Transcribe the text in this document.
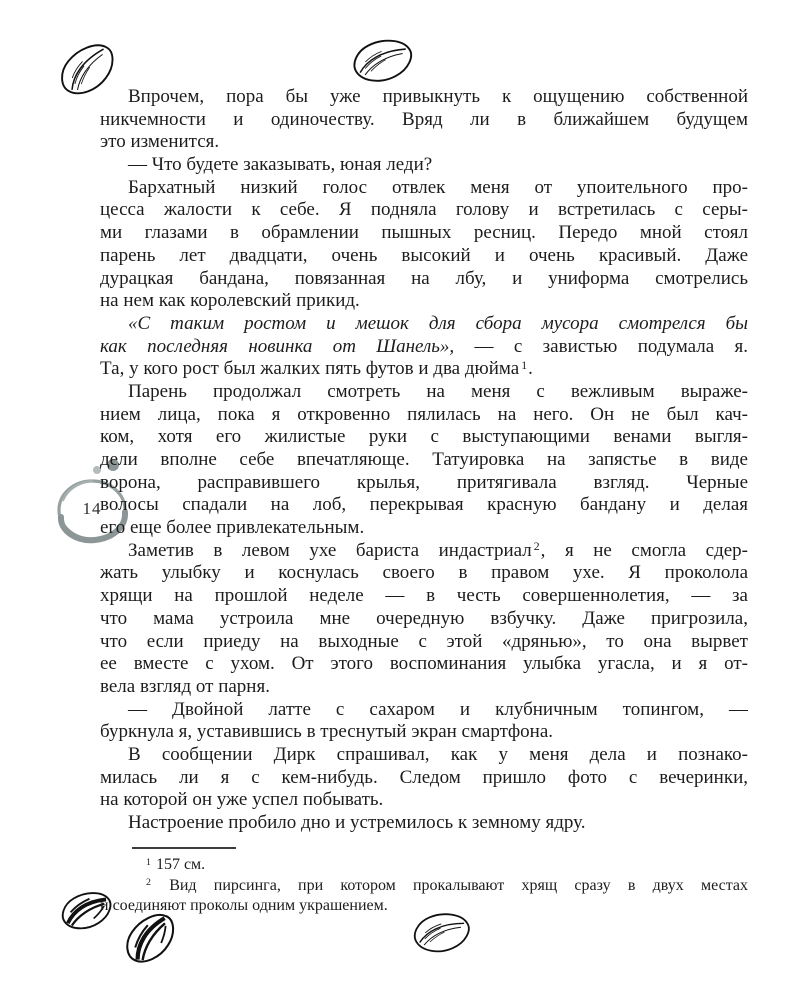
14
Впрочем, пора бы уже привыкнуть к ощущению собственной
никчемности и одиночеству. Вряд ли в ближайшем будущем
это изменится.
— Что будете заказывать, юная леди?
Бархатный низкий голос отвлек меня от упоительного про-
цесса жалости к себе. Я подняла голову и встретилась с серы-
ми глазами в обрамлении пышных ресниц. Передо мной стоял
парень лет двадцати, очень высокий и очень красивый. Даже
дурацкая бандана, повязанная на лбу, и униформа смотрелись
на нем как королевский прикид.
«С таким ростом и мешок для сбора мусора смотрелся бы
как последняя новинка от Шанель», — с завистью подумала я.
Та, у кого рост был жалких пять футов и два дюйма $^1$.
Парень продолжал смотреть на меня с вежливым выраже-
нием лица, пока я откровенно пялилась на него. Он не был кач-
ком, хотя его жилистые руки с выступающими венами выгля-
дели вполне себе впечатляюще. Татуировка на запястье в виде
ворона, расправившего крылья, притягивала взгляд. Черные
волосы спадали на лоб, перекрывая красную бандану и делая
его еще более привлекательным.
Заметив в левом ухе бариста индастриал $^2$, я не смогла сдер-
жать улыбку и коснулась своего в правом ухе. Я проколола
хрящи на прошлой неделе — в честь совершеннолетия, — за
что мама устроила мне очередную взбучку. Даже пригрозила,
что если приеду на выходные с этой «дрянью», то она вырвет
ее вместе с ухом. От этого воспоминания улыбка угасла, и я от-
вела взгляд от парня.
— Двойной латте с сахаром и клубничным топингом, —
буркнула я, уставившись в треснутый экран смартфона.
В сообщении Дирк спрашивал, как у меня дела и познако-
милась ли я с кем-нибудь. Следом пришло фото с вечеринки,
на которой он уже успел побывать.
Настроение пробило дно и устремилось к земному ядру.
$^1$ 157 см.
$^2$ Вид пирсинга, при котором прокалывают хрящ сразу в двух местах
и соединяют проколы одним украшением.
